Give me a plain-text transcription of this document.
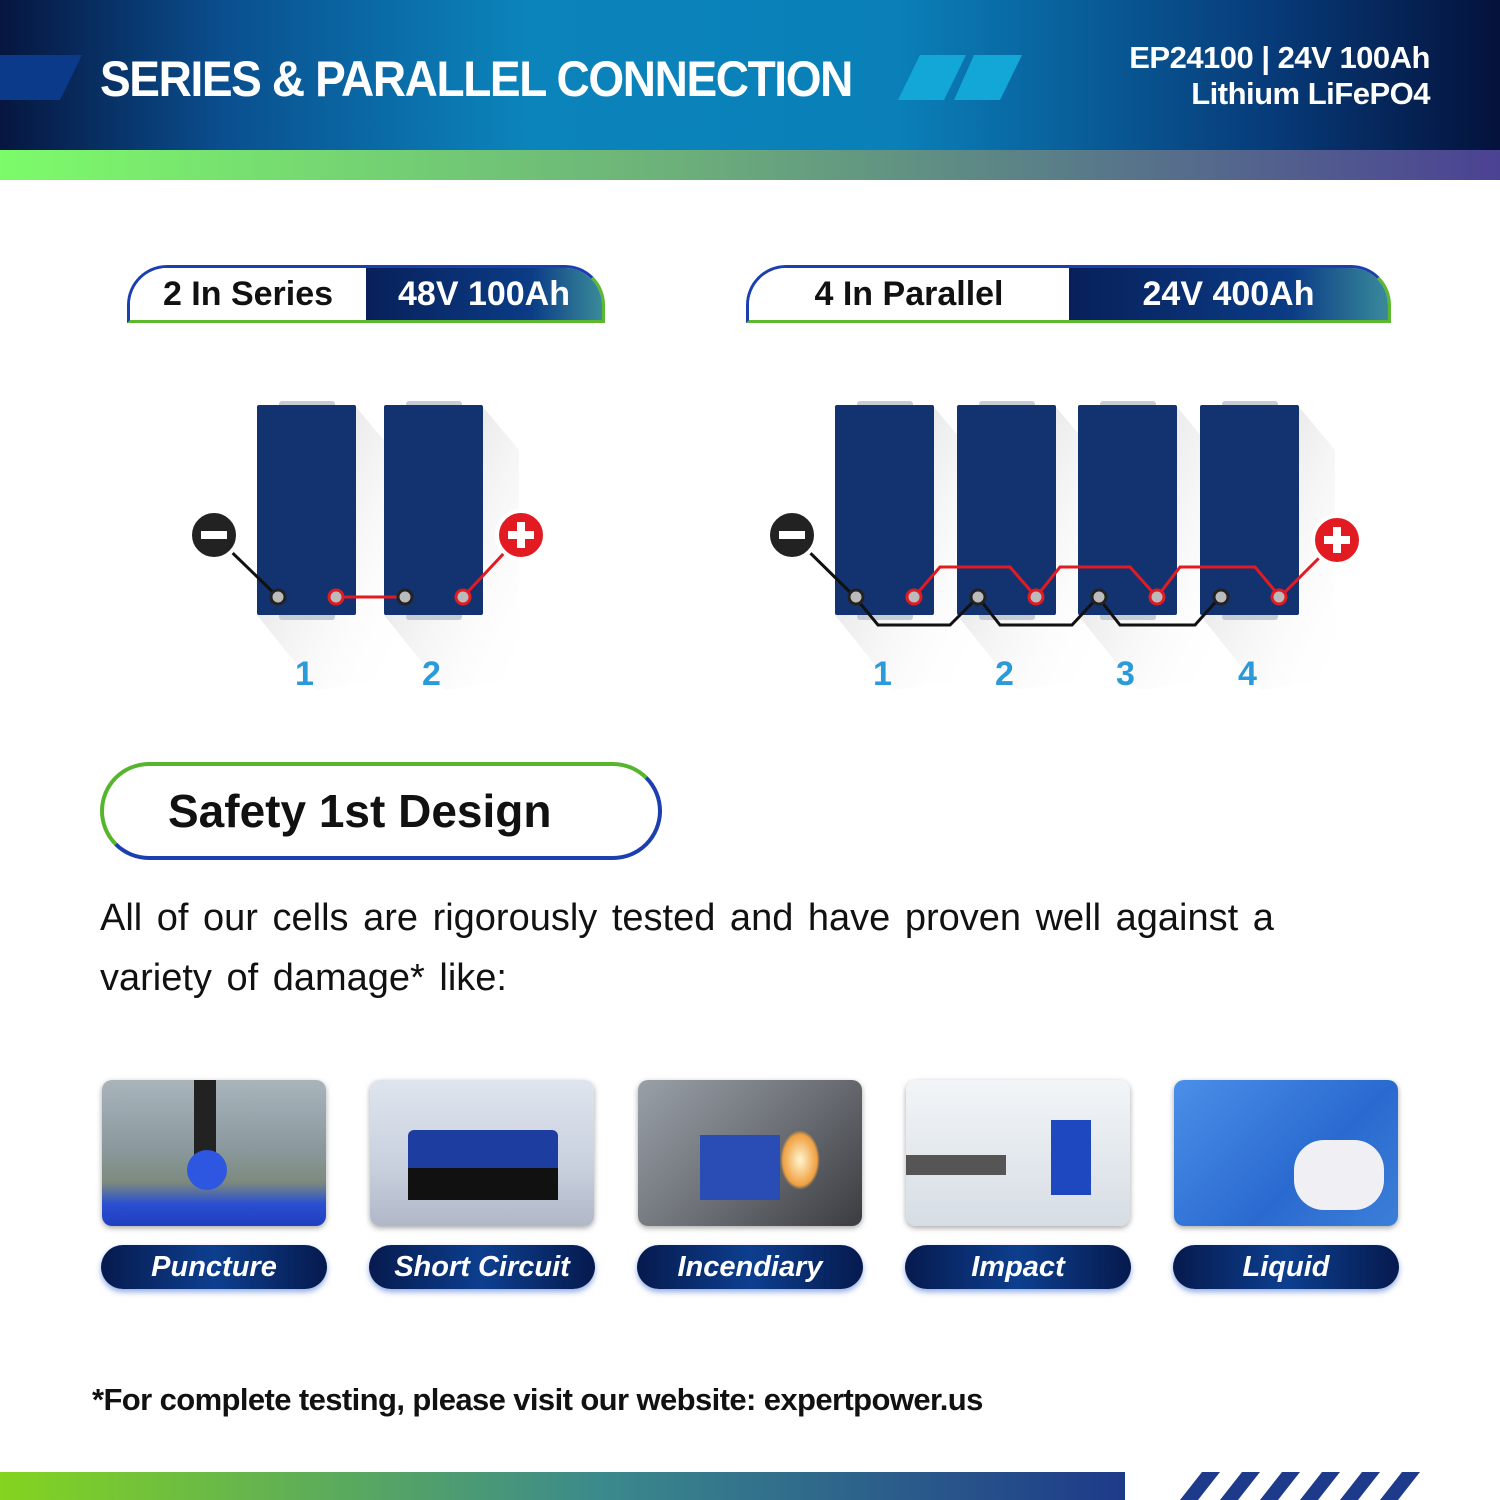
SERIES & PARALLEL CONNECTION	EP24100 | 24V 100Ah
Lithium LiFePO4
2 In Series	48V 100Ah	4 In Parallel	24V 400Ah
1	2	1	2	3	4
Safety 1st Design
All of our cells are rigorously tested and have proven well against a variety of damage* like:
Puncture	Short Circuit	Incendiary	Impact	Liquid
*For complete testing, please visit our website: expertpower.us
